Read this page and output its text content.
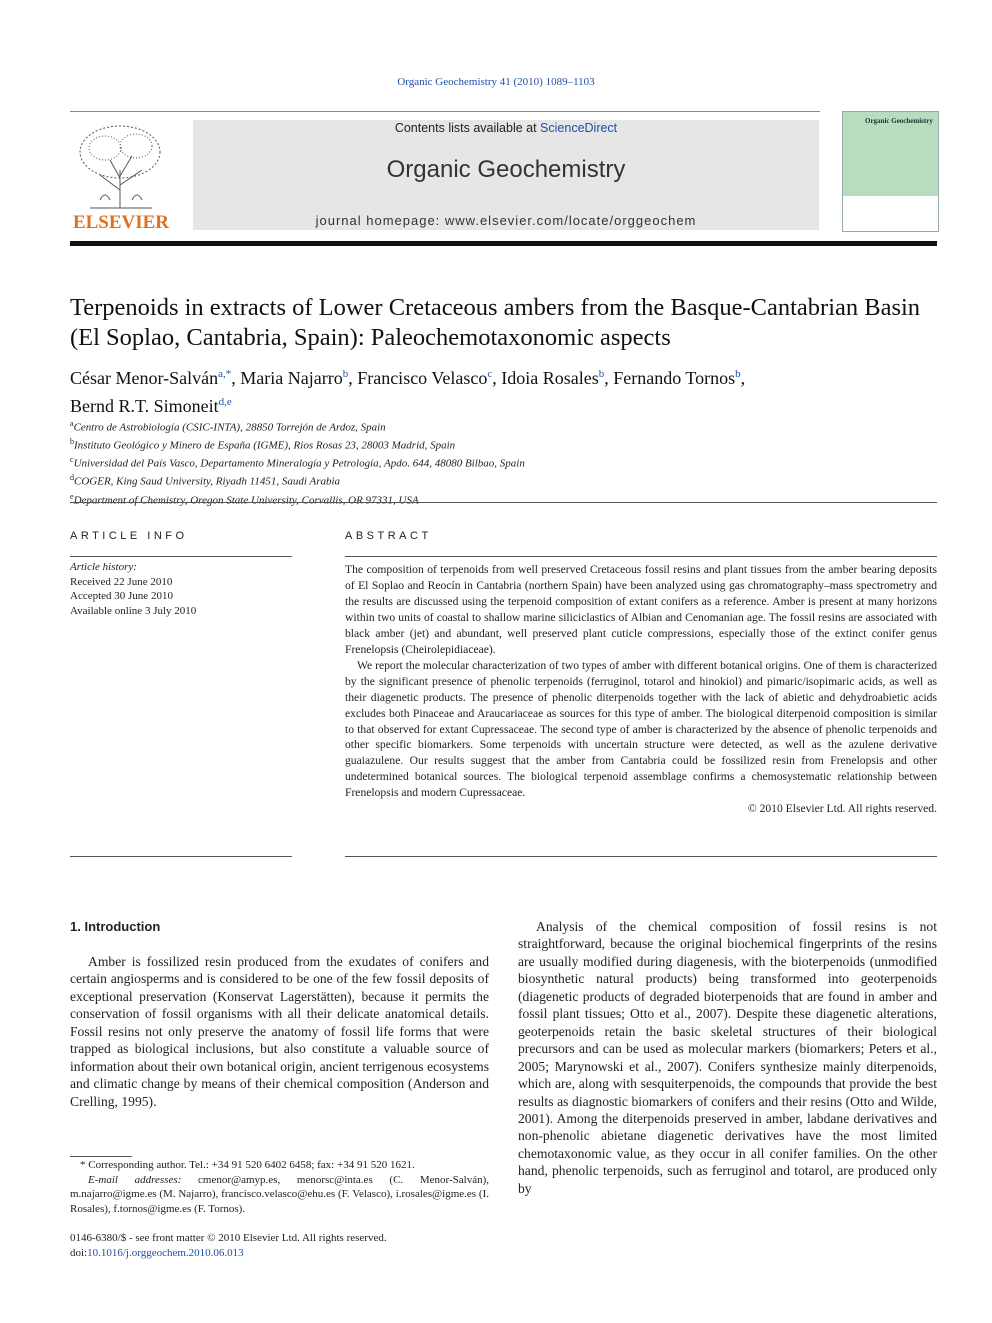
Organic Geochemistry 41 (2010) 1089–1103
ELSEVIER
Contents lists available at ScienceDirect
Organic Geochemistry
journal homepage: www.elsevier.com/locate/orggeochem
Organic Geochemistry
Terpenoids in extracts of Lower Cretaceous ambers from the Basque-Cantabrian Basin (El Soplao, Cantabria, Spain): Paleochemotaxonomic aspects
César Menor-Salván$^{a,*}$, Maria Najarro$^b$, Francisco Velasco$^c$, Idoia Rosales$^b$, Fernando Tornos$^b$,
Bernd R.T. Simoneit$^{d,e}$
$^a$Centro de Astrobiología (CSIC-INTA), 28850 Torrejón de Ardoz, Spain
$^b$Instituto Geológico y Minero de España (IGME), Rios Rosas 23, 28003 Madrid, Spain
$^c$Universidad del País Vasco, Departamento Mineralogía y Petrología, Apdo. 644, 48080 Bilbao, Spain
$^d$COGER, King Saud University, Riyadh 11451, Saudi Arabia
$^e$Department of Chemistry, Oregon State University, Corvallis, OR 97331, USA
ARTICLE INFO	ABSTRACT
Article history:
Received 22 June 2010
Accepted 30 June 2010
Available online 3 July 2010

The composition of terpenoids from well preserved Cretaceous fossil resins and plant tissues from the amber bearing deposits of El Soplao and Reocín in Cantabria (northern Spain) have been analyzed using gas chromatography–mass spectrometry and the results are discussed using the terpenoid composition of extant conifers as a reference. Amber is present at many horizons within two units of coastal to shallow marine siliciclastics of Albian and Cenomanian age. The fossil resins are associated with black amber (jet) and abundant, well preserved plant cuticle compressions, especially those of the extinct conifer genus Frenelopsis (Cheirolepidiaceae).

We report the molecular characterization of two types of amber with different botanical origins. One of them is characterized by the significant presence of phenolic terpenoids (ferruginol, totarol and hinokiol) and pimaric/isopimaric acids, as well as their diagenetic products. The presence of phenolic diterpenoids together with the lack of abietic and dehydroabietic acids excludes both Pinaceae and Araucariaceae as sources for this type of amber. The biological diterpenoid composition is similar to that observed for extant Cupressaceae. The second type of amber is characterized by the absence of phenolic terpenoids and other specific biomarkers. Some terpenoids with uncertain structure were detected, as well as the azulene derivative guaiazulene. Our results suggest that the amber from Cantabria could be fossilized resin from Frenelopsis and other undetermined botanical sources. The biological terpenoid assemblage confirms a chemosystematic relationship between Frenelopsis and modern Cupressaceae.

© 2010 Elsevier Ltd. All rights reserved.

1. Introduction

Amber is fossilized resin produced from the exudates of conifers and certain angiosperms and is considered to be one of the few fossil deposits of exceptional preservation (Konservat Lagerstätten), because it permits the conservation of fossil organisms with all their delicate anatomical details. Fossil resins not only preserve the anatomy of fossil life forms that were trapped as biological inclusions, but also constitute a valuable source of information about their own botanical origin, ancient terrigenous ecosystems and climatic change by means of their chemical composition (Anderson and Crelling, 1995).

Analysis of the chemical composition of fossil resins is not straightforward, because the original biochemical fingerprints of the resins are usually modified during diagenesis, with the bioterpenoids (unmodified biosynthetic natural products) being transformed into geoterpenoids (diagenetic products of degraded bioterpenoids that are found in amber and fossil plant tissues; Otto et al., 2007). Despite these diagenetic alterations, geoterpenoids retain the basic skeletal structures of their biological precursors and can be used as molecular markers (biomarkers; Peters et al., 2005; Marynowski et al., 2007). Conifers synthesize mainly diterpenoids, which are, along with sesquiterpenoids, the compounds that provide the best results as diagnostic biomarkers of conifers and their resins (Otto and Wilde, 2001). Among the diterpenoids preserved in amber, labdane derivatives and non-phenolic abietane diagenetic derivatives have the most limited chemotaxonomic value, as they occur in all conifer families. On the other hand, phenolic terpenoids, such as ferruginol and totarol, are produced only by

* Corresponding author. Tel.: +34 91 520 6402 6458; fax: +34 91 520 1621.

E-mail addresses: cmenor@amyp.es, menorsc@inta.es (C. Menor-Salván), m.najarro@igme.es (M. Najarro), francisco.velasco@ehu.es (F. Velasco), i.rosales@igme.es (I. Rosales), f.tornos@igme.es (F. Tornos).

0146-6380/$ - see front matter © 2010 Elsevier Ltd. All rights reserved.
doi:10.1016/j.orggeochem.2010.06.013
